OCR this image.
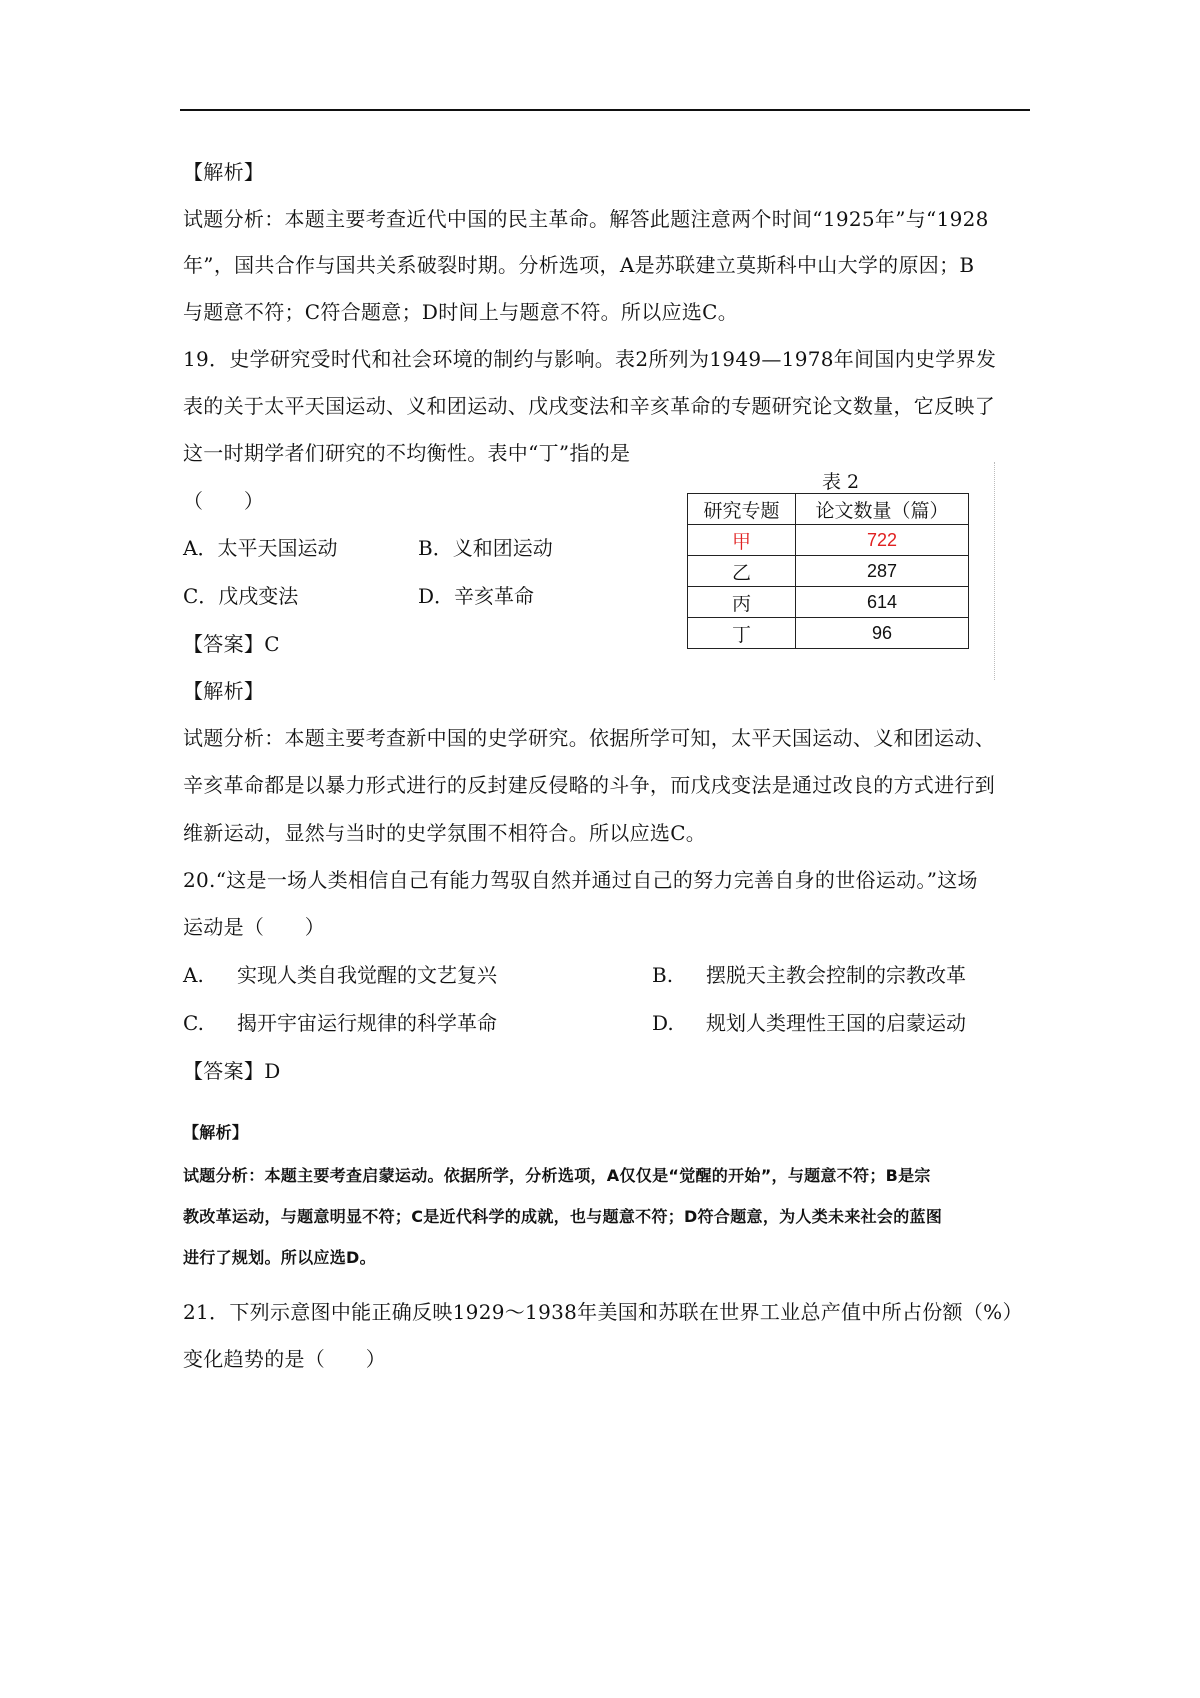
【解析】
试题分析：本题主要考查近代中国的民主革命。解答此题注意两个时间“1925年”与“1928
年”，国共合作与国共关系破裂时期。分析选项，A是苏联建立莫斯科中山大学的原因；B
与题意不符；C符合题意；D时间上与题意不符。所以应选C。
19．史学研究受时代和社会环境的制约与影响。表2所列为1949—1978年间国内史学界发
表的关于太平天国运动、义和团运动、戊戌变法和辛亥革命的专题研究论文数量，它反映了
这一时期学者们研究的不均衡性。表中“丁”指的是
（　　）
A．太平天国运动	B．义和团运动
C．戊戌变法	D．辛亥革命
【答案】C
表 2
研究专题	论文数量（篇）
甲	722
乙	287
丙	614
丁	96
【解析】
试题分析：本题主要考查新中国的史学研究。依据所学可知，太平天国运动、义和团运动、
辛亥革命都是以暴力形式进行的反封建反侵略的斗争，而戊戌变法是通过改良的方式进行到
维新运动，显然与当时的史学氛围不相符合。所以应选C。
20.“这是一场人类相信自己有能力驾驭自然并通过自己的努力完善自身的世俗运动。”这场
运动是（　　）
A. 实现人类自我觉醒的文艺复兴	B. 摆脱天主教会控制的宗教改革
C. 揭开宇宙运行规律的科学革命	D. 规划人类理性王国的启蒙运动
【答案】D
【解析】
试题分析：本题主要考查启蒙运动。依据所学，分析选项，A仅仅是“觉醒的开始”，与题意不符；B是宗
教改革运动，与题意明显不符；C是近代科学的成就，也与题意不符；D符合题意，为人类未来社会的蓝图
进行了规划。所以应选D。
21．下列示意图中能正确反映1929～1938年美国和苏联在世界工业总产值中所占份额（%）
变化趋势的是（　　）
